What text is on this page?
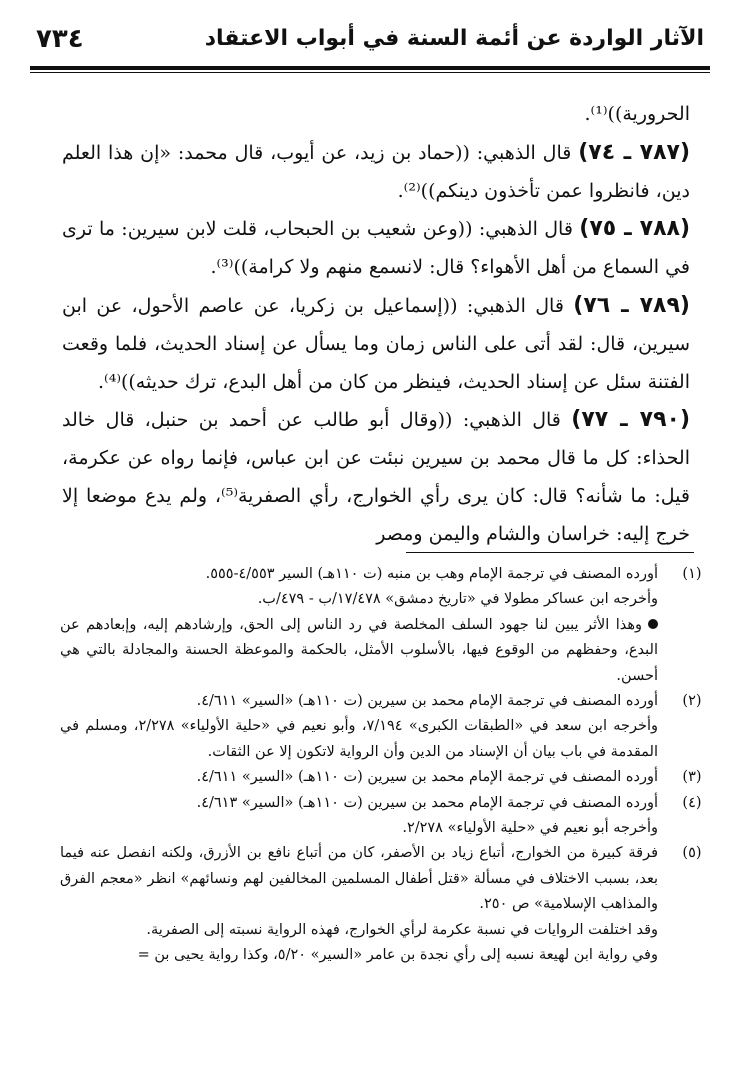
٧٣٤	الآثار الواردة عن أئمة السنة في أبواب الاعتقاد

الحرورية))⁽¹⁾.

(٧٨٧ ـ ٧٤) قال الذهبي: ((حماد بن زيد، عن أيوب، قال محمد: «إن هذا العلم دين، فانظروا عمن تأخذون دينكم))⁽²⁾.

(٧٨٨ ـ ٧٥) قال الذهبي: ((وعن شعيب بن الحبحاب، قلت لابن سيرين: ما ترى في السماع من أهل الأهواء؟ قال: لانسمع منهم ولا كرامة))⁽³⁾.

(٧٨٩ ـ ٧٦) قال الذهبي: ((إسماعيل بن زكريا، عن عاصم الأحول، عن ابن سيرين، قال: لقد أتى على الناس زمان وما يسأل عن إسناد الحديث، فلما وقعت الفتنة سئل عن إسناد الحديث، فينظر من كان من أهل البدع، ترك حديثه))⁽⁴⁾.

(٧٩٠ ـ ٧٧) قال الذهبي: ((وقال أبو طالب عن أحمد بن حنبل، قال خالد الحذاء: كل ما قال محمد بن سيرين نبئت عن ابن عباس، فإنما رواه عن عكرمة، قيل: ما شأنه؟ قال: كان يرى رأي الخوارج، رأي الصفرية⁽⁵⁾، ولم يدع موضعا إلا خرج إليه: خراسان والشام واليمن ومصر

(١)

أورده المصنف في ترجمة الإمام وهب بن منبه (ت ١١٠هـ) السير ٤/٥٥٣-٥٥٥.

وأخرجه ابن عساكر مطولا في «تاريخ دمشق» ١٧/٤٧٨/ب - ٤٧٩/ب.

وهذا الأثر يبين لنا جهود السلف المخلصة في رد الناس إلى الحق، وإرشادهم إليه، وإبعادهم عن البدع، وحفظهم من الوقوع فيها، بالأسلوب الأمثل، بالحكمة والموعظة الحسنة والمجادلة بالتي هي أحسن.

(٢)

أورده المصنف في ترجمة الإمام محمد بن سيرين (ت ١١٠هـ) «السير» ٤/٦١١.

وأخرجه ابن سعد في «الطبقات الكبرى» ٧/١٩٤، وأبو نعيم في «حلية الأولياء» ٢/٢٧٨، ومسلم في المقدمة في باب بيان أن الإسناد من الدين وأن الرواية لاتكون إلا عن الثقات.

(٣)

أورده المصنف في ترجمة الإمام محمد بن سيرين (ت ١١٠هـ) «السير» ٤/٦١١.

(٤)

أورده المصنف في ترجمة الإمام محمد بن سيرين (ت ١١٠هـ) «السير» ٤/٦١٣.

وأخرجه أبو نعيم في «حلية الأولياء» ٢/٢٧٨.

(٥)

فرقة كبيرة من الخوارج، أتباع زياد بن الأصفر، كان من أتباع نافع بن الأزرق، ولكنه انفصل عنه فيما بعد، بسبب الاختلاف في مسألة «قتل أطفال المسلمين المخالفين لهم ونسائهم» انظر «معجم الفرق والمذاهب الإسلامية» ص ٢٥٠.

وقد اختلفت الروايات في نسبة عكرمة لرأي الخوارج، فهذه الرواية نسبته إلى الصفرية.

وفي رواية ابن لهيعة نسبه إلى رأي نجدة بن عامر «السير» ٥/٢٠، وكذا رواية يحيى بن =
